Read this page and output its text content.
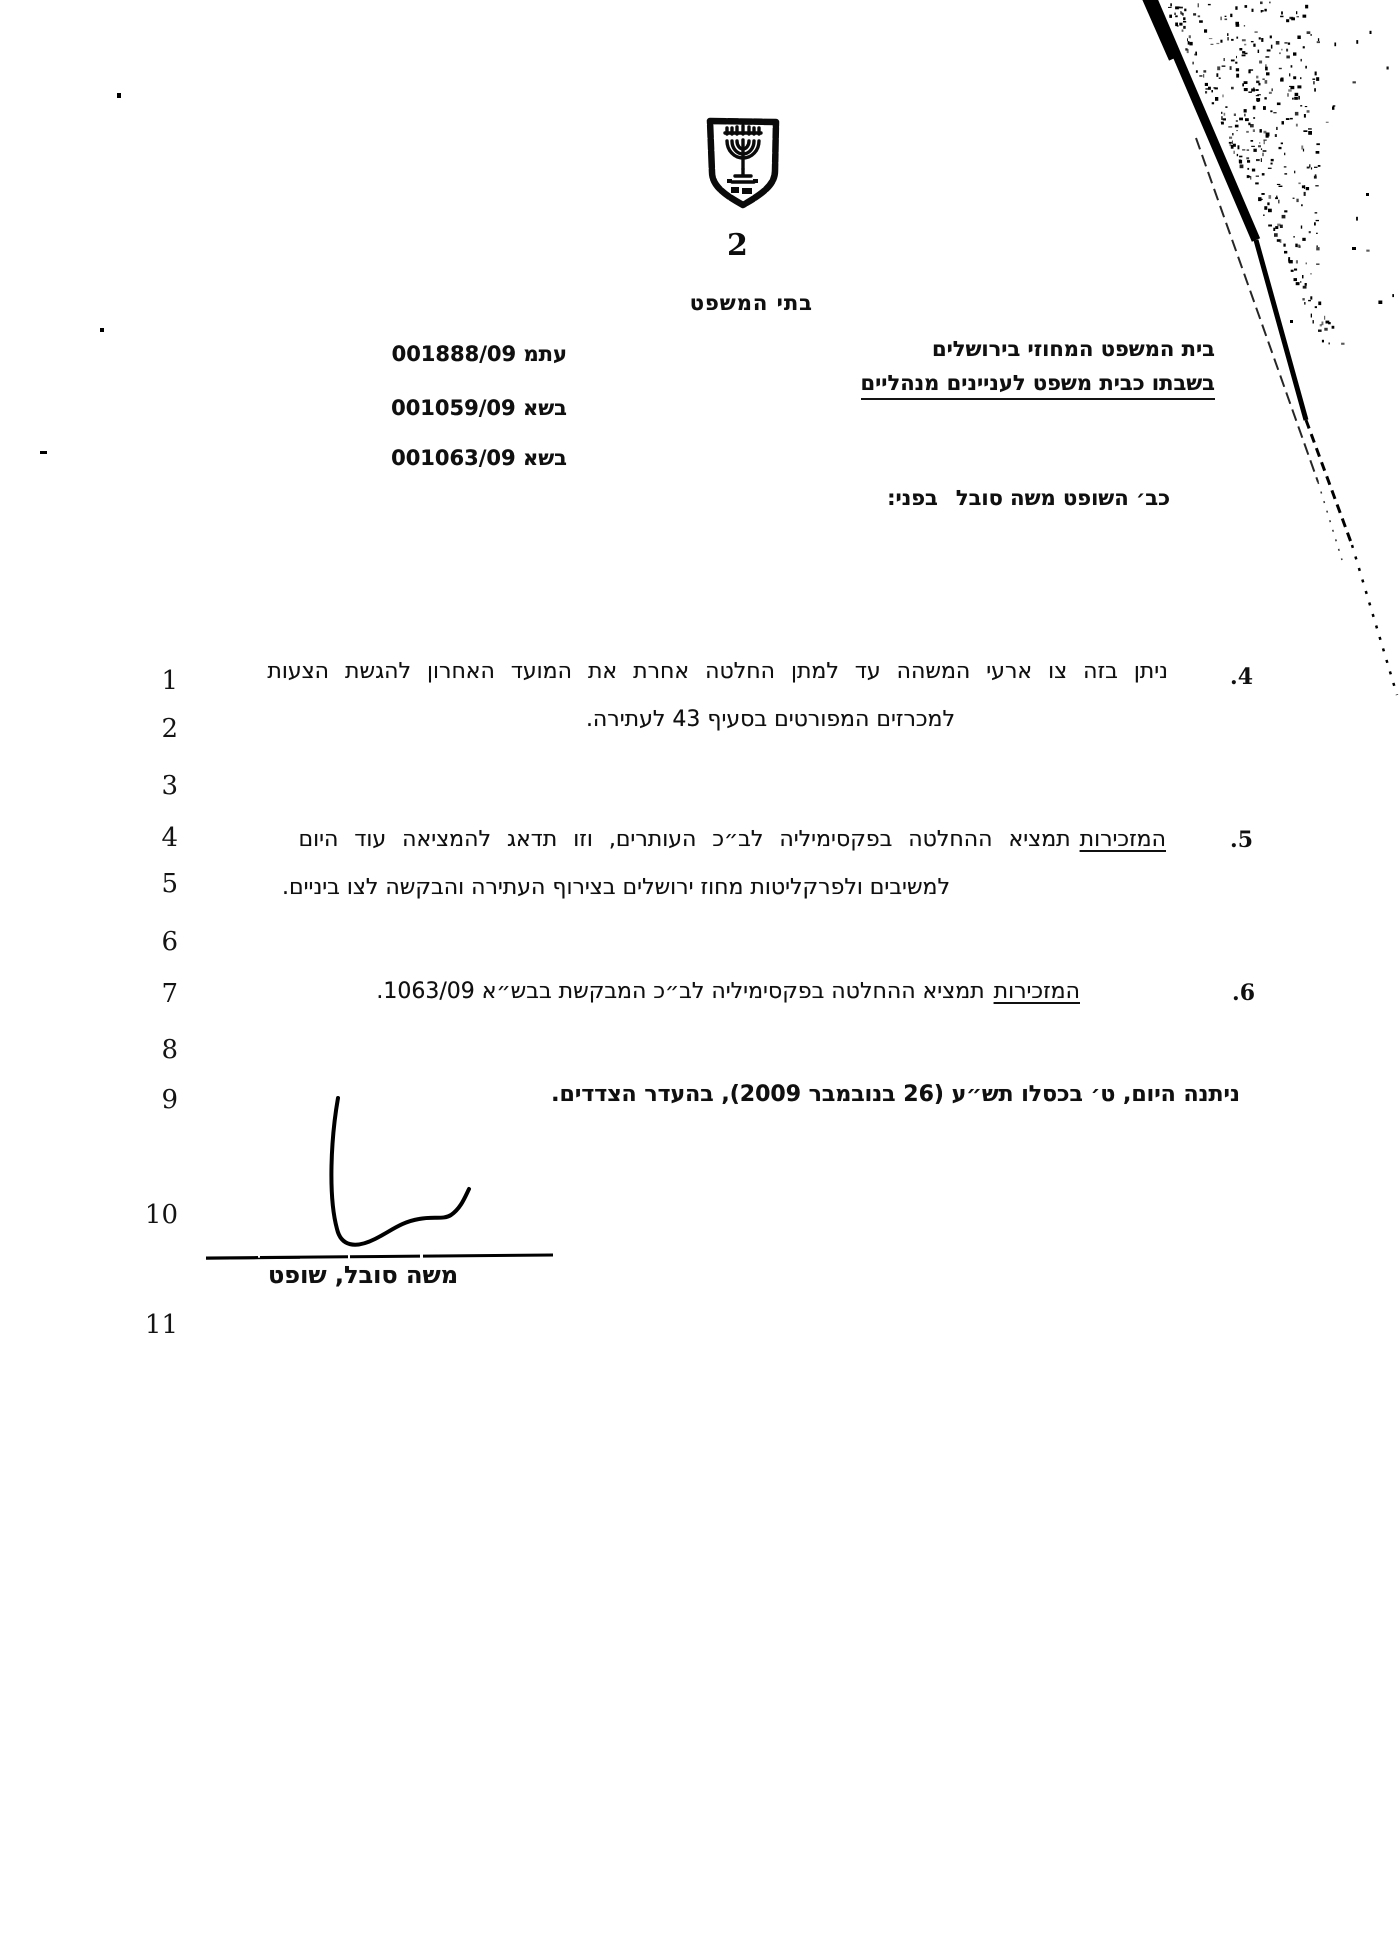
2
בתי המשפט
עתמ 001888/09
בשא 001059/09
בשא 001063/09
בית המשפט המחוזי בירושלים
בשבתו כבית משפט לעניינים מנהליים
בפני: כב׳ השופט משה סובל
4.
ניתן בזה צו ארעי המשהה עד למתן החלטה אחרת את המועד האחרון להגשת הצעות
למכרזים המפורטים בסעיף 43 לעתירה.
5.
המזכירותתמציא ההחלטה בפקסימיליה לב״כ העותרים, וזו תדאג להמציאה עוד היום
למשיבים ולפרקליטות מחוז ירושלים בצירוף העתירה והבקשה לצו ביניים.
6.
המזכירותתמציא ההחלטה בפקסימיליה לב״כ המבקשת בבש״א 1063/09.
ניתנה היום, ט׳ בכסלו תש״ע (26 בנובמבר 2009), בהעדר הצדדים.
משה סובל, שופט
1
2
3
4
5
6
7
8
9
10
11
